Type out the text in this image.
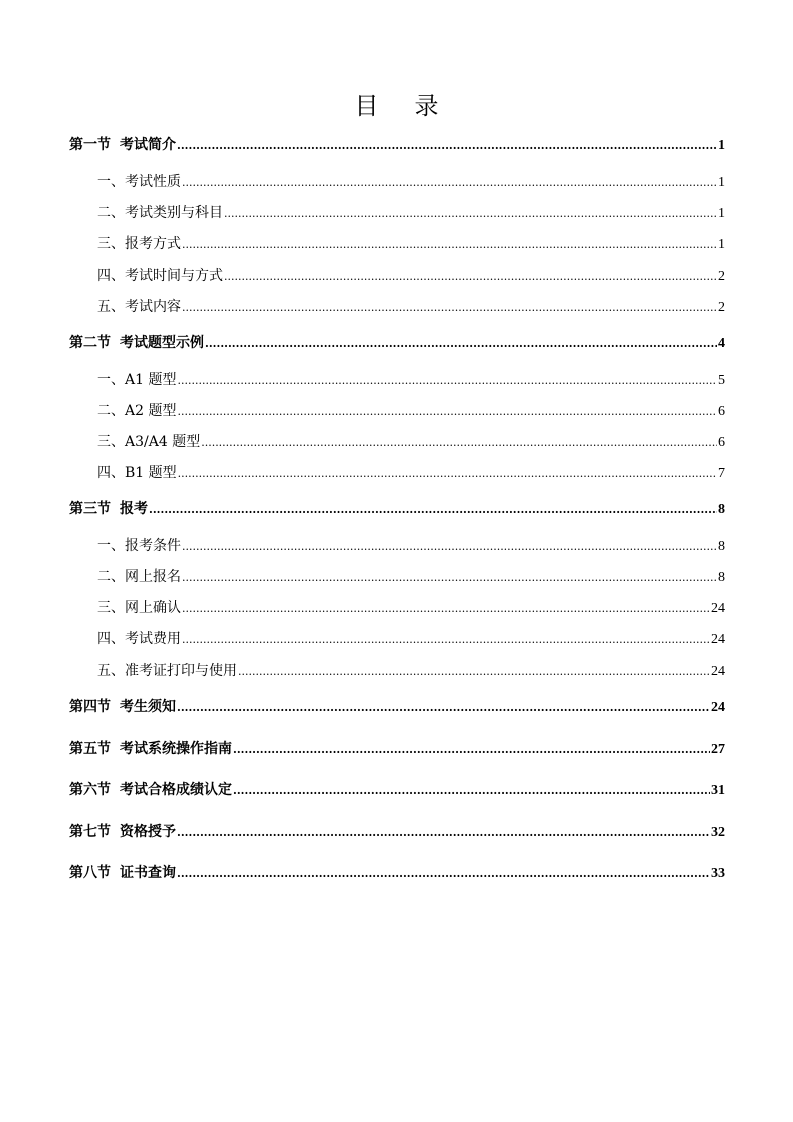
目 录
第一节 考试简介 .....	1
一、考试性质 .....	1
二、考试类别与科目 .....	1
三、报考方式 .....	1
四、考试时间与方式 .....	2
五、考试内容 .....	2
第二节 考试题型示例 .....	4
一、A1 题型 .....	5
二、A2 题型 .....	6
三、A3/A4 题型 .....	6
四、B1 题型 .....	7
第三节 报考 .....	8
一、报考条件 .....	8
二、网上报名 .....	8
三、网上确认 .....	24
四、考试费用 .....	24
五、准考证打印与使用 .....	24
第四节 考生须知 .....	24
第五节 考试系统操作指南 .....	27
第六节 考试合格成绩认定 .....	31
第七节 资格授予 .....	32
第八节 证书查询 .....	33
